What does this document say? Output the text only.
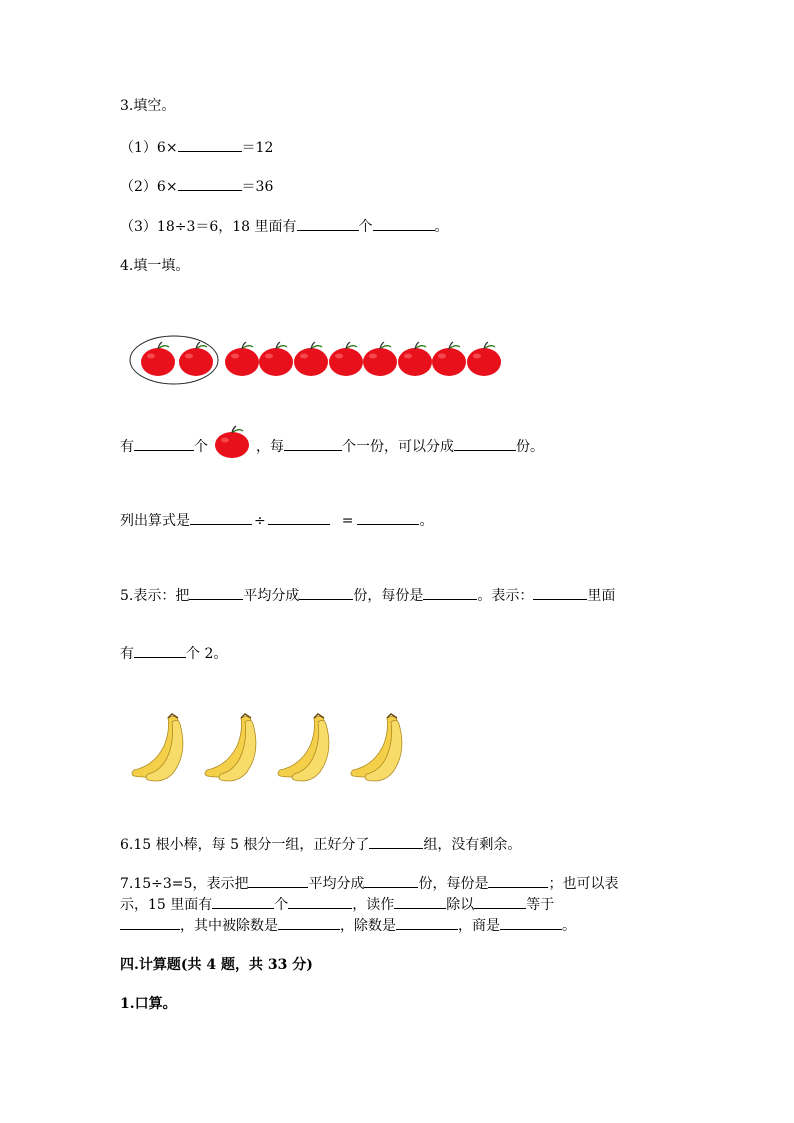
3.填空。
（1）6×	＝12
（2）6×	＝36
（3）18÷3＝6，18 里面有	个	。
4.填一填。
有	个	，每	个一份，可以分成	份。
列出算式是	÷	=	。
5.表示：把	平均分成	份，每份是	。表示：	里面
有	个 2。
6.15 根小棒，每 5 根分一组，正好分了	组，没有剩余。
7.15÷3=5，表示把	平均分成	份，每份是	；也可以表
示，15 里面有	个	，读作	除以	等于
，其中被除数是	，除数是	，商是	。
四.计算题(共 4 题，共 33 分)
1.口算。
